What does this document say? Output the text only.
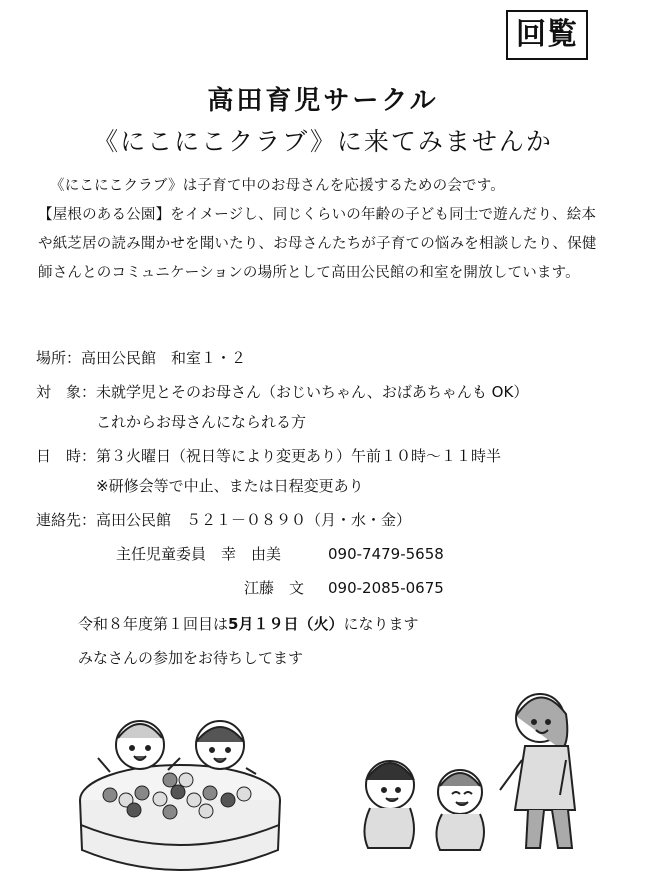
回覧
高田育児サークル
《にこにこクラブ》に来てみませんか

《にこにこクラブ》は子育て中のお母さんを応援するための会です。

【屋根のある公園】をイメージし、同じくらいの年齢の子ども同士で遊んだり、絵本

や紙芝居の読み聞かせを聞いたり、お母さんたちが子育ての悩みを相談したり、保健

師さんとのコミュニケーションの場所として高田公民館の和室を開放しています。

場所：高田公民館　和室１・２
対　象：未就学児とそのお母さん（おじいちゃん、おばあちゃんも OK）
これからお母さんになられる方
日　時：第３火曜日（祝日等により変更あり）午前１０時～１１時半
※研修会等で中止、または日程変更あり
連絡先：高田公民館　５２１－０８９０（月・水・金）
主任児童委員　幸　由美	090-7479-5658
江藤　文 090-2085-0675
令和８年度第１回目は5月１９日（火）になります
みなさんの参加をお待ちしてます
